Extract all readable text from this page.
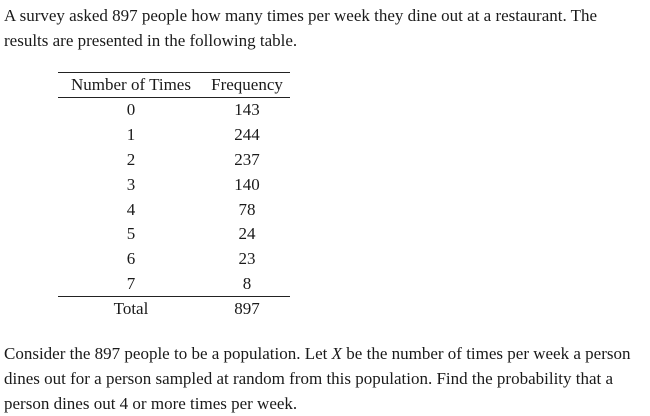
A survey asked 897 people how many times per week they dine out at a restaurant. The results are presented in the following table.

Number of Times	Frequency
0	143
1	244
2	237
3	140
4	78
5	24
6	23
7	8
Total	897

Consider the 897 people to be a population. Let X be the number of times per week a person dines out for a person sampled at random from this population. Find the probability that a person dines out 4 or more times per week.
